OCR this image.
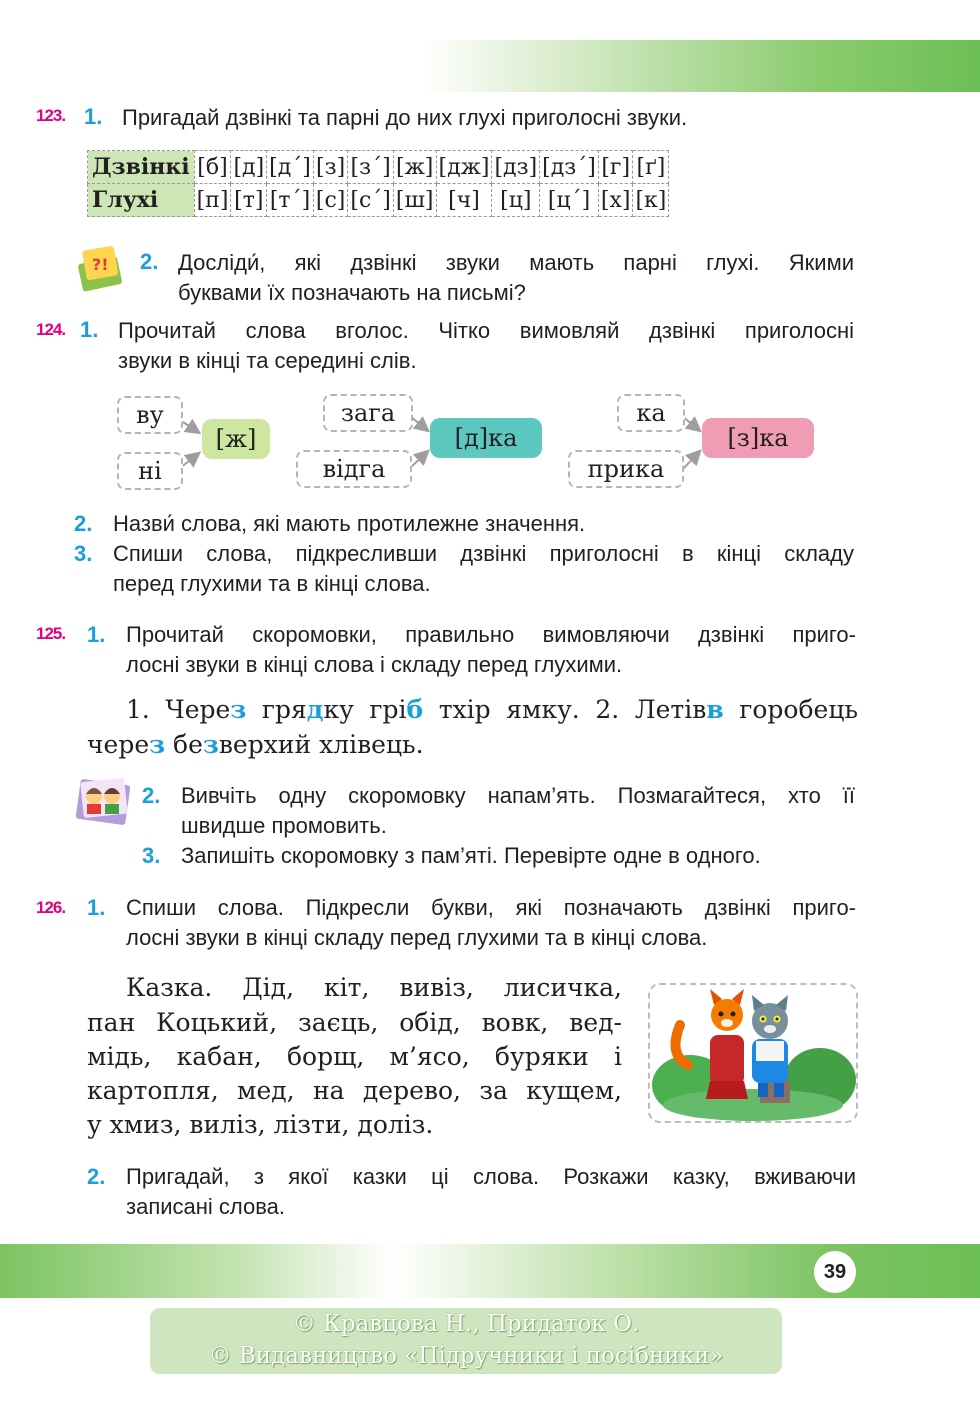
39
123. 1. Пригадай дзвінкі та парні до них глухі приголосні звуки.
Дзвінкі	[б]	[д]	[д´]	[з]	[з´]	[ж]	[дж]	[дз]	[дз´]	[г]	[ґ]
Глухі	[п]	[т]	[т´]	[с]	[с´]	[ш]	[ч]	[ц]	[ц´]	[х]	[к]
?! 2. Досліди́, які дзвінкі звуки мають парні глухі. Якими
буквами їх позначають на письмі?
124. 1. Прочитай слова вголос. Чітко вимовляй дзвінкі приголосні
звуки в кінці та середині слів.
ву
ні
[ж]
зага
відга
[д]ка
ка
прика
[з]ка
2. Назви́ слова, які мають протилежне значення.
3. Спиши слова, підкресливши дзвінкі приголосні в кінці складу
перед глухими та в кінці слова.
125. 1. Прочитай скоромовки, правильно вимовляючи дзвінкі приго-
лосні звуки в кінці слова і складу перед глухими.
1. Через грядку гріб тхір ямку. 2. Летівв горобець
через безверхий хлівець.
2. Вивчіть одну скоромовку напам’ять. Позмагайтеся, хто її
швидше промовить.
3. Запишіть скоромовку з пам’яті. Перевірте одне в одного.
126. 1. Спиши слова. Підкресли букви, які позначають дзвінкі приго-
лосні звуки в кінці складу перед глухими та в кінці слова.
Казка. Дід, кіт, вивіз, лисичка,
пан Коцький, заєць, обід, вовк, вед-
мідь, кабан, борщ, м’ясо, буряки і
картопля, мед, на дерево, за кущем,
у хмиз, виліз, лізти, доліз.
2. Пригадай, з якої казки ці слова. Розкажи казку, вживаючи
записані слова.
© Кравцова Н., Придаток О.
© Видавництво «Підручники і посібники»
